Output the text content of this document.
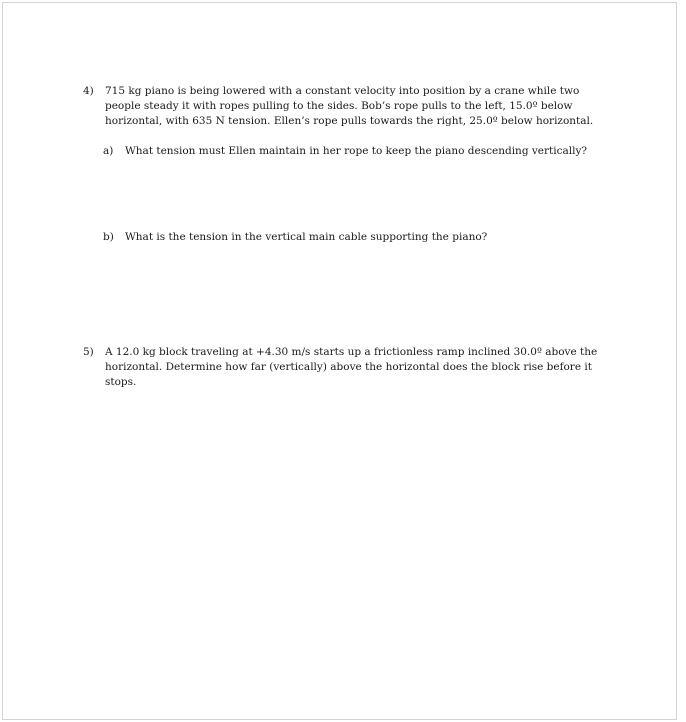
4) 715 kg piano is being lowered with a constant velocity into position by a crane while two people steady it with ropes pulling to the sides. Bob’s rope pulls to the left, 15.0º below horizontal, with 635 N tension. Ellen’s rope pulls towards the right, 25.0º below horizontal.
a) What tension must Ellen maintain in her rope to keep the piano descending vertically?
b) What is the tension in the vertical main cable supporting the piano?
5) A 12.0 kg block traveling at +4.30 m/s starts up a frictionless ramp inclined 30.0º above the horizontal. Determine how far (vertically) above the horizontal does the block rise before it stops.
